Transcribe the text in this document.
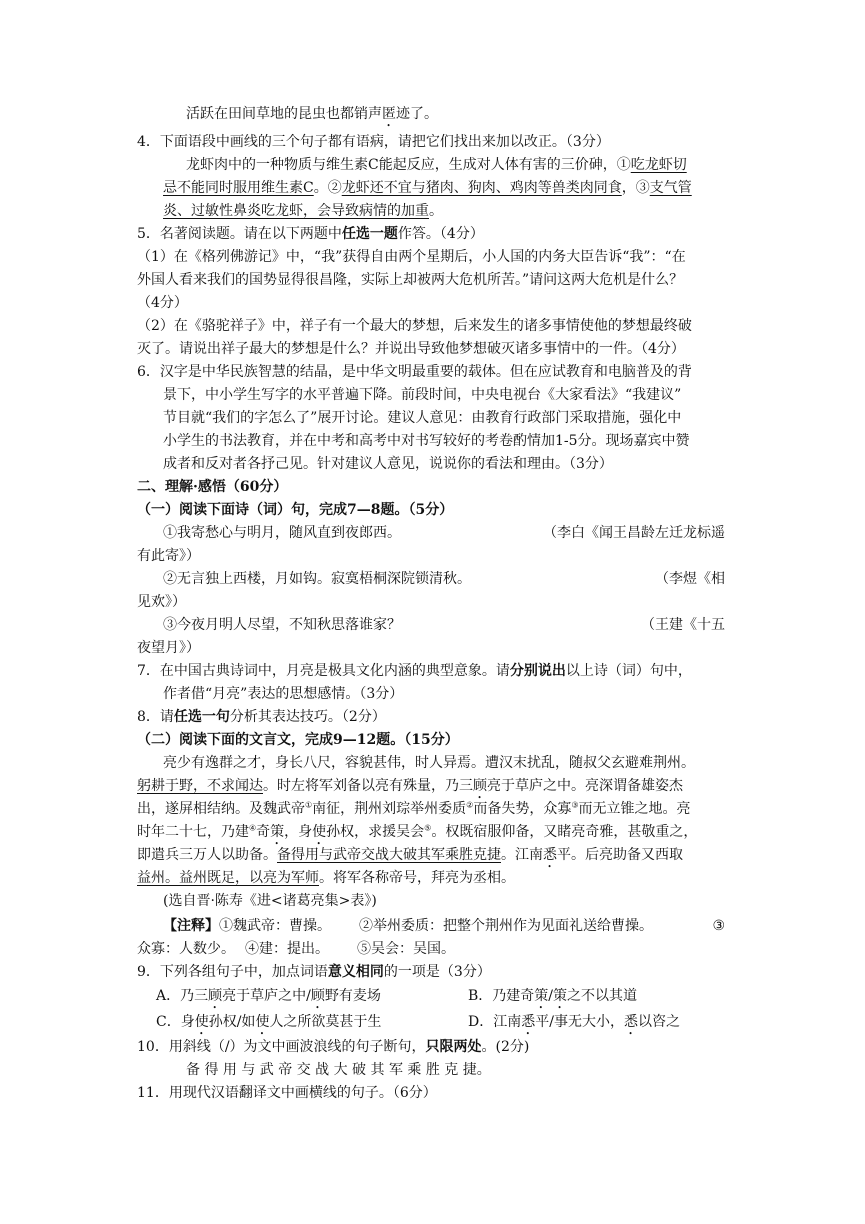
活跃在田间草地的昆虫也都销声匿迹了。
4．下面语段中画线的三个句子都有语病，请把它们找出来加以改正。（3分）
龙虾肉中的一种物质与维生素C能起反应，生成对人体有害的三价砷，①吃龙虾切
忌不能同时服用维生素C。②龙虾还不宜与猪肉、狗肉、鸡肉等兽类肉同食，③支气管
炎、过敏性鼻炎吃龙虾，会导致病情的加重。
5．名著阅读题。请在以下两题中任选一题作答。（4分）
（1）在《格列佛游记》中，“我”获得自由两个星期后，小人国的内务大臣告诉“我”：“在
外国人看来我们的国势显得很昌隆，实际上却被两大危机所苦。”请问这两大危机是什么？
（4分）
（2）在《骆驼祥子》中，祥子有一个最大的梦想，后来发生的诸多事情使他的梦想最终破
灭了。请说出祥子最大的梦想是什么？并说出导致他梦想破灭诸多事情中的一件。（4分）
6．汉字是中华民族智慧的结晶，是中华文明最重要的载体。但在应试教育和电脑普及的背
景下，中小学生写字的水平普遍下降。前段时间，中央电视台《大家看法》“我建议”
节目就“我们的字怎么了”展开讨论。建议人意见：由教育行政部门采取措施，强化中
小学生的书法教育，并在中考和高考中对书写较好的考卷酌情加1-5分。现场嘉宾中赞
成者和反对者各抒己见。针对建议人意见，说说你的看法和理由。（3分）
二、理解·感悟（60分）
（一）阅读下面诗（词）句，完成7—8题。（5分）
①我寄愁心与明月，随风直到夜郎西。	（李白《闻王昌龄左迁龙标遥
有此寄》）
②无言独上西楼，月如钩。寂寞梧桐深院锁清秋。	（李煜《相
见欢》）
③今夜月明人尽望，不知秋思落谁家？	（王建《十五
夜望月》）
7．在中国古典诗词中，月亮是极具文化内涵的典型意象。请分别说出以上诗（词）句中，
作者借“月亮”表达的思想感情。（3分）
8．请任选一句分析其表达技巧。（2分）
（二）阅读下面的文言文，完成9—12题。（15分）
亮少有逸群之才，身长八尺，容貌甚伟，时人异焉。遭汉末扰乱，随叔父玄避难荆州。
躬耕于野，不求闻达。时左将军刘备以亮有殊量，乃三顾亮于草庐之中。亮深谓备雄姿杰
出，遂屏相结纳。及魏武帝①南征，荆州刘琮举州委质②而备失势，众寡③而无立锥之地。亮
时年二十七，乃建④奇策，身使孙权，求援吴会⑤。权既宿服仰备，又睹亮奇雅，甚敬重之，
即遣兵三万人以助备。备得用与武帝交战大破其军乘胜克捷。江南悉平。后亮助备又西取
益州。益州既足，以亮为军师。将军各称帝号，拜亮为丞相。
(选自晋·陈寿《进<诸葛亮集>表》)
【注释】①魏武帝：曹操。 ②举州委质：把整个荆州作为见面礼送给曹操。	③
众寡：人数少。 ④建：提出。 ⑤吴会：吴国。
9．下列各组句子中，加点词语意义相同的一项是（3分）
A．乃三顾亮于草庐之中/顾野有麦场	B．乃建奇策/策之不以其道
C．身使孙权/如使人之所欲莫甚于生	D．江南悉平/事无大小，悉以咨之
10．用斜线（/）为文中画波浪线的句子断句，只限两处。(2分)
备 得 用 与 武 帝 交 战 大 破 其 军 乘 胜 克 捷。
11．用现代汉语翻译文中画横线的句子。（6分）
